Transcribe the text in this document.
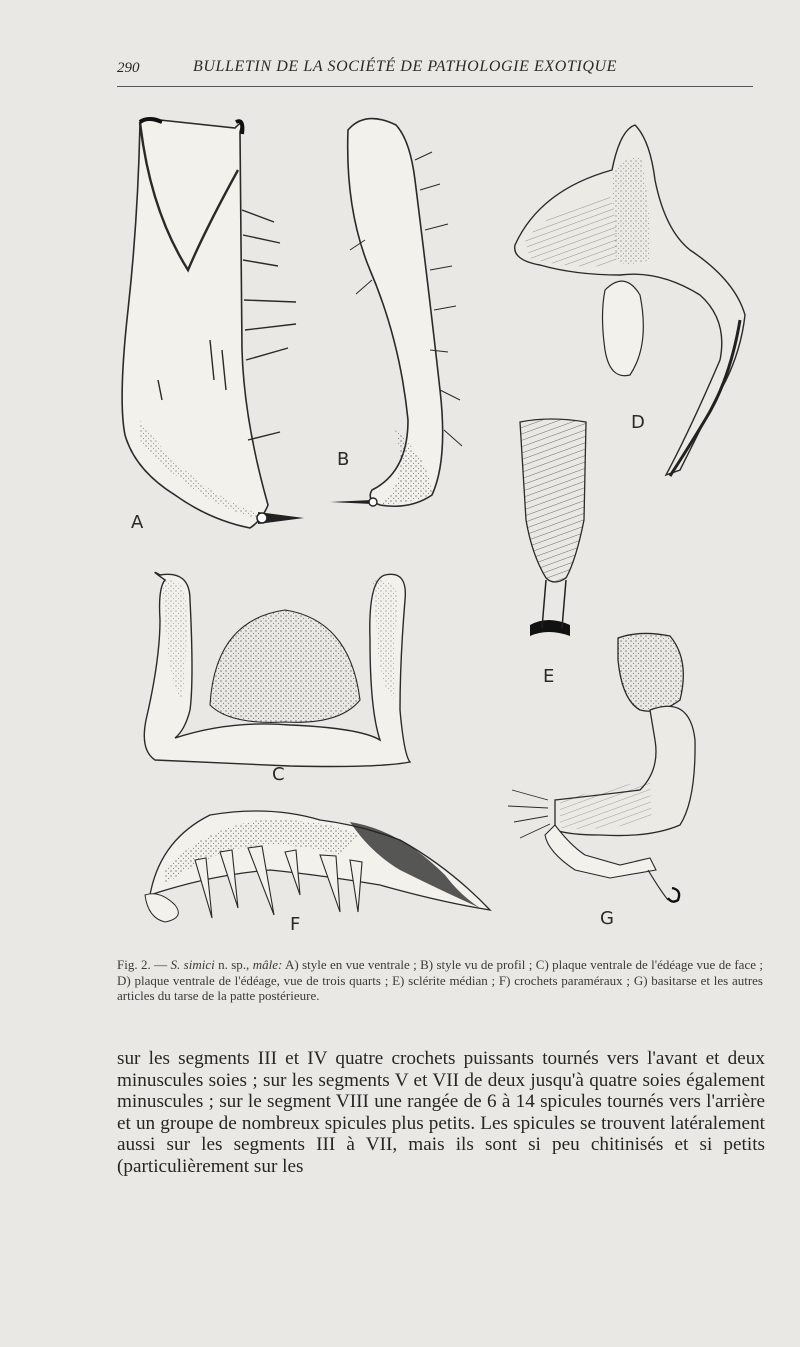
290	BULLETIN DE LA SOCIÉTÉ DE PATHOLOGIE EXOTIQUE
A
B
C
D
E
F	G
Fig. 2. — S. simici n. sp., mâle: A) style en vue ventrale ; B) style vu de profil ; C) plaque ventrale de l'édéage vue de face ; D) plaque ventrale de l'édéage, vue de trois quarts ; E) sclérite médian ; F) crochets paraméraux ; G) basitarse et les autres articles du tarse de la patte postérieure.

sur les segments III et IV quatre crochets puissants tournés vers l'avant et deux minuscules soies ; sur les segments V et VII de deux jusqu'à quatre soies également minuscules ; sur le segment VIII une rangée de 6 à 14 spicules tournés vers l'arrière et un groupe de nombreux spicules plus petits. Les spicules se trouvent latéralement aussi sur les segments III à VII, mais ils sont si peu chitinisés et si petits (particulièrement sur les
